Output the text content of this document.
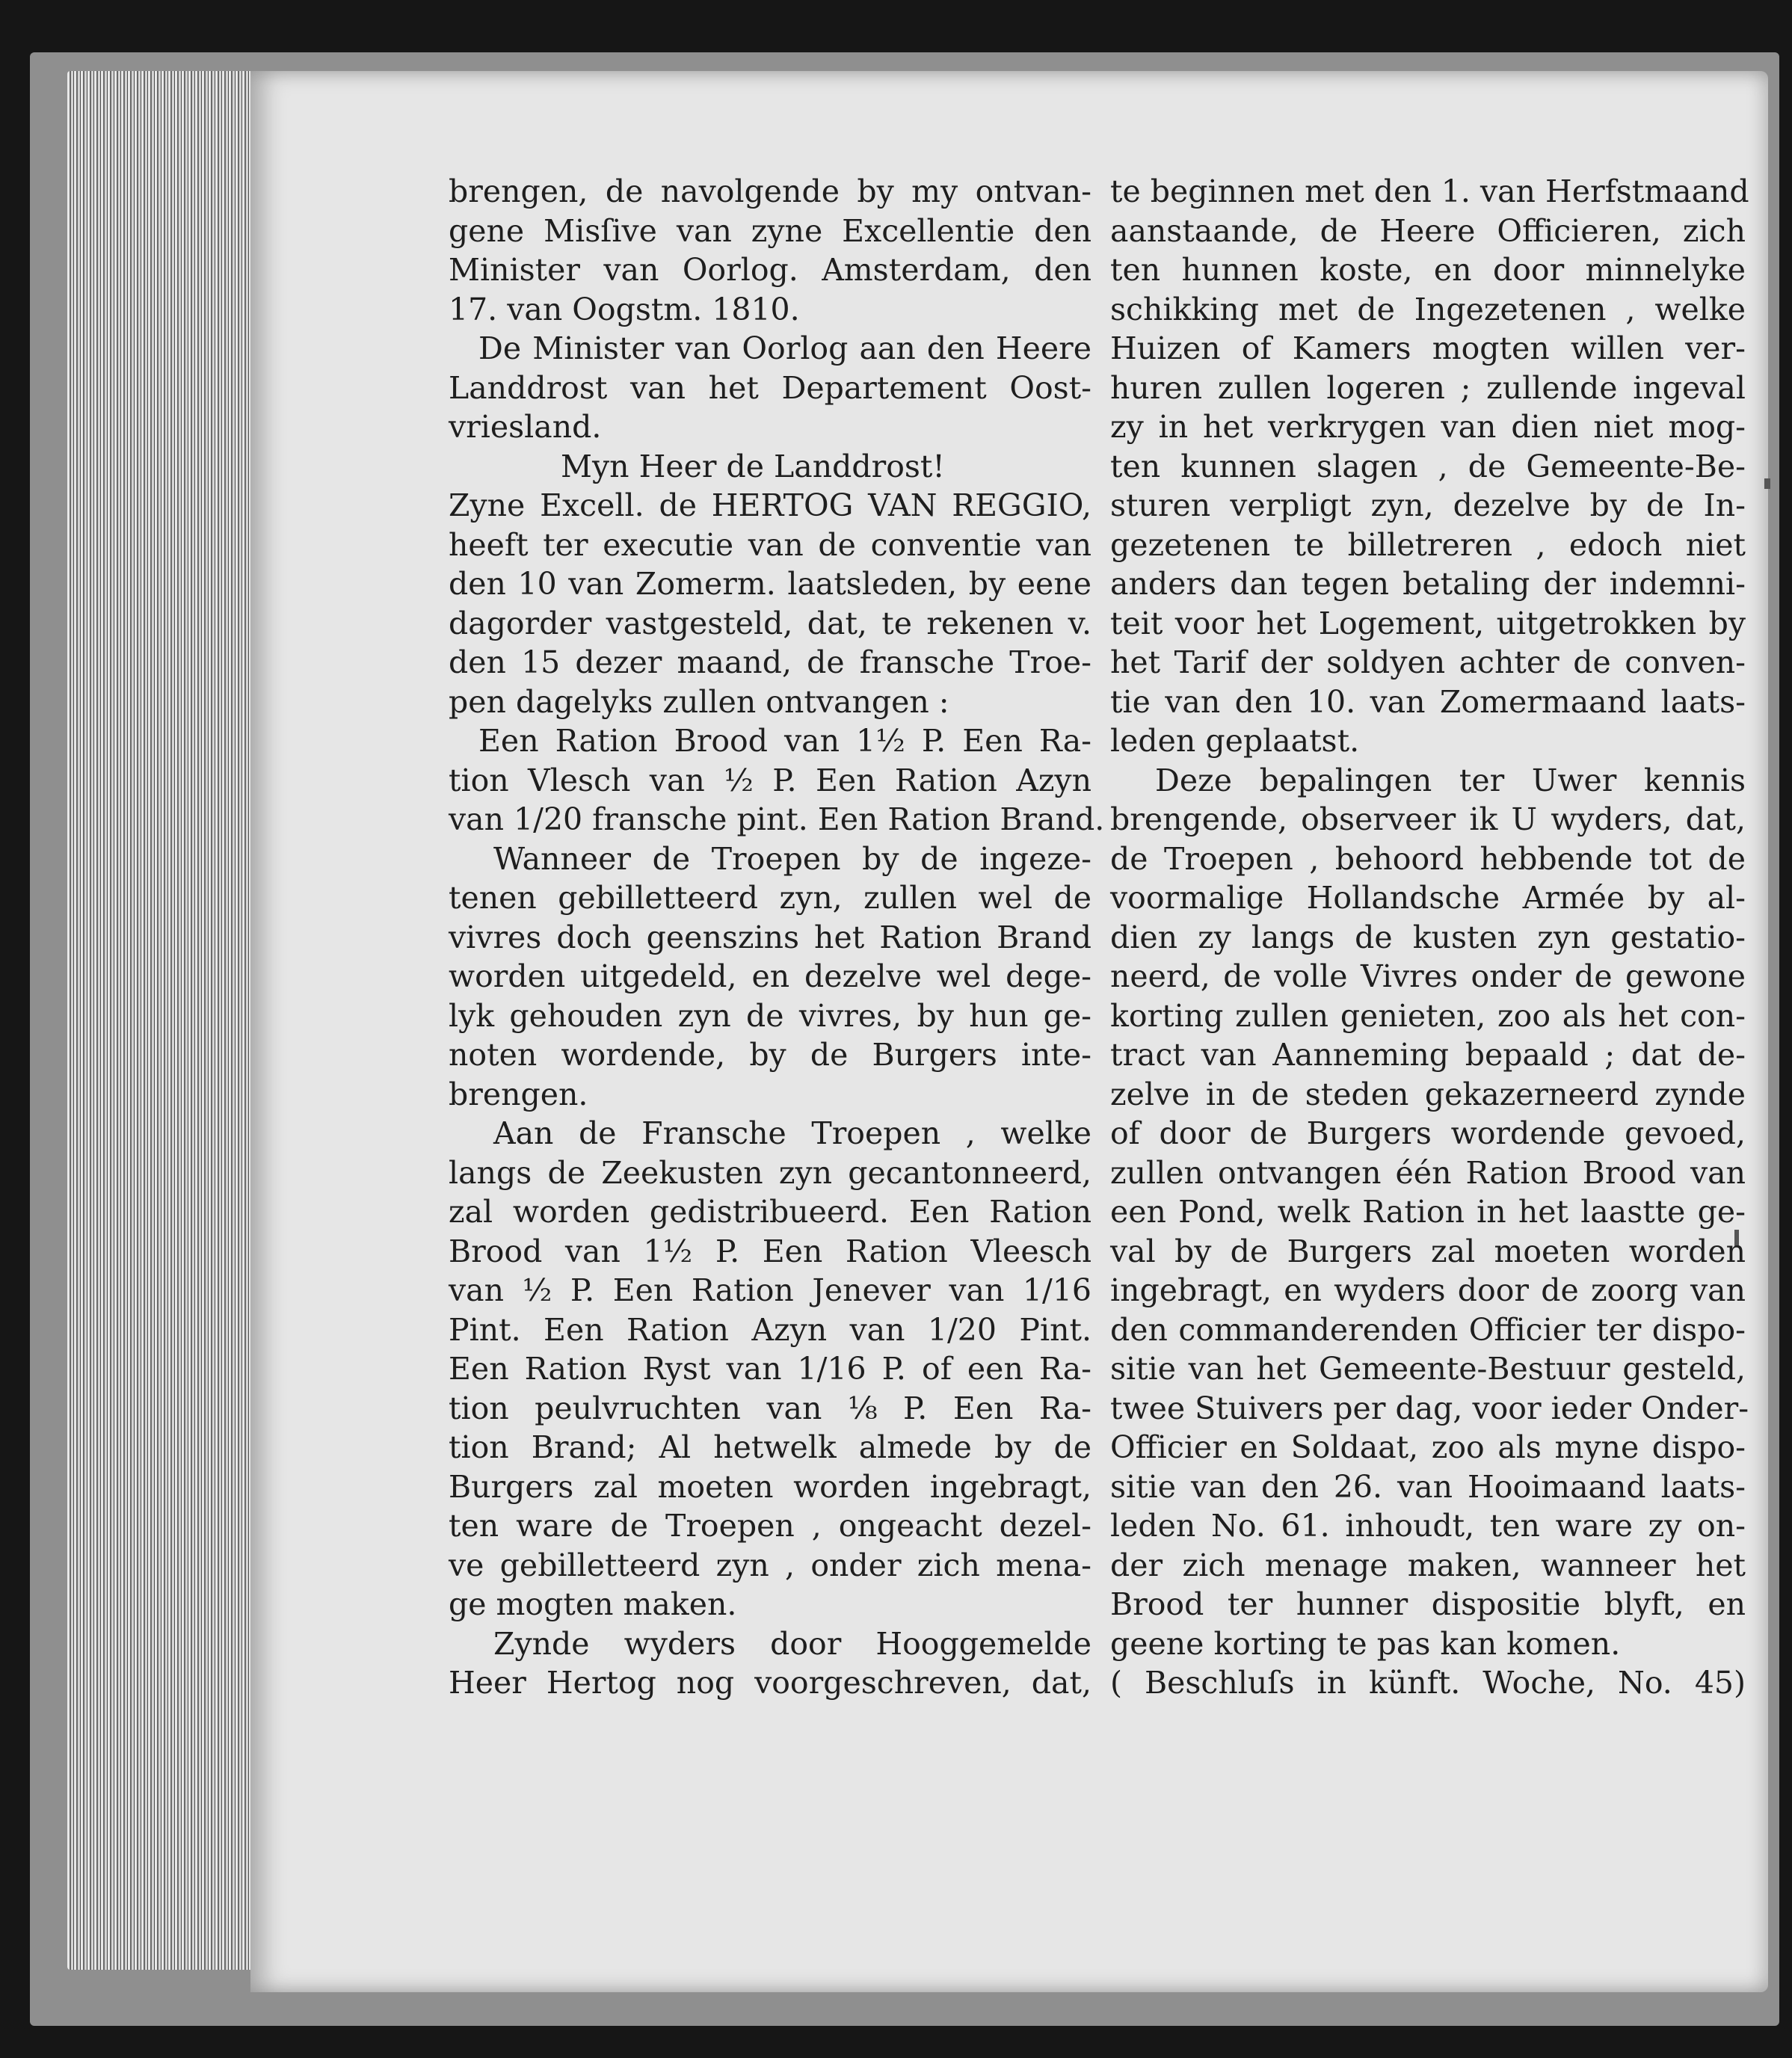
brengen, de navolgende by my ontvan-
gene Misſive van zyne Excellentie den
Minister van Oorlog. Amsterdam, den
17. van Oogstm. 1810.
De Minister van Oorlog aan den Heere
Landdrost van het Departement Oost-
vriesland.
Myn Heer de Landdrost!
Zyne Excell. de HERTOG VAN REGGIO,
heeft ter executie van de conventie van
den 10 van Zomerm. laatsleden, by eene
dagorder vastgesteld, dat, te rekenen v.
den 15 dezer maand, de fransche Troe-
pen dagelyks zullen ontvangen :
Een Ration Brood van 1½ P. Een Ra-
tion Vlesch van ½ P. Een Ration Azyn
van 1/20 fransche pint. Een Ration Brand.
Wanneer de Troepen by de ingeze-
tenen gebilletteerd zyn, zullen wel de
vivres doch geenszins het Ration Brand
worden uitgedeld, en dezelve wel dege-
lyk gehouden zyn de vivres, by hun ge-
noten wordende, by de Burgers inte-
brengen.
Aan de Fransche Troepen , welke
langs de Zeekusten zyn gecantonneerd,
zal worden gedistribueerd. Een Ration
Brood van 1½ P. Een Ration Vleesch
van ½ P. Een Ration Jenever van 1/16
Pint. Een Ration Azyn van 1/20 Pint.
Een Ration Ryst van 1/16 P. of een Ra-
tion peulvruchten van ⅛ P. Een Ra-
tion Brand; Al hetwelk almede by de
Burgers zal moeten worden ingebragt,
ten ware de Troepen , ongeacht dezel-
ve gebilletteerd zyn , onder zich mena-
ge mogten maken.
Zynde wyders door Hooggemelde
Heer Hertog nog voorgeschreven, dat,
te beginnen met den 1. van Herfstmaand
aanstaande, de Heere Officieren, zich
ten hunnen koste, en door minnelyke
schikking met de Ingezetenen , welke
Huizen of Kamers mogten willen ver-
huren zullen logeren ; zullende ingeval
zy in het verkrygen van dien niet mog-
ten kunnen slagen , de Gemeente-Be-
sturen verpligt zyn, dezelve by de In-
gezetenen te billetreren , edoch niet
anders dan tegen betaling der indemni-
teit voor het Logement, uitgetrokken by
het Tarif der soldyen achter de conven-
tie van den 10. van Zomermaand laats-
leden geplaatst.
Deze bepalingen ter Uwer kennis
brengende, observeer ik U wyders, dat,
de Troepen , behoord hebbende tot de
voormalige Hollandsche Armée by al-
dien zy langs de kusten zyn gestatio-
neerd, de volle Vivres onder de gewone
korting zullen genieten, zoo als het con-
tract van Aanneming bepaald ; dat de-
zelve in de steden gekazerneerd zynde
of door de Burgers wordende gevoed,
zullen ontvangen één Ration Brood van
een Pond, welk Ration in het laastte ge-
val by de Burgers zal moeten worden
ingebragt, en wyders door de zoorg van
den commanderenden Officier ter dispo-
sitie van het Gemeente-Bestuur gesteld,
twee Stuivers per dag, voor ieder Onder-
Officier en Soldaat, zoo als myne dispo-
sitie van den 26. van Hooimaand laats-
leden No. 61. inhoudt, ten ware zy on-
der zich menage maken, wanneer het
Brood ter hunner dispositie blyft, en
geene korting te pas kan komen.
( Beschluſs in künft. Woche, No. 45)
